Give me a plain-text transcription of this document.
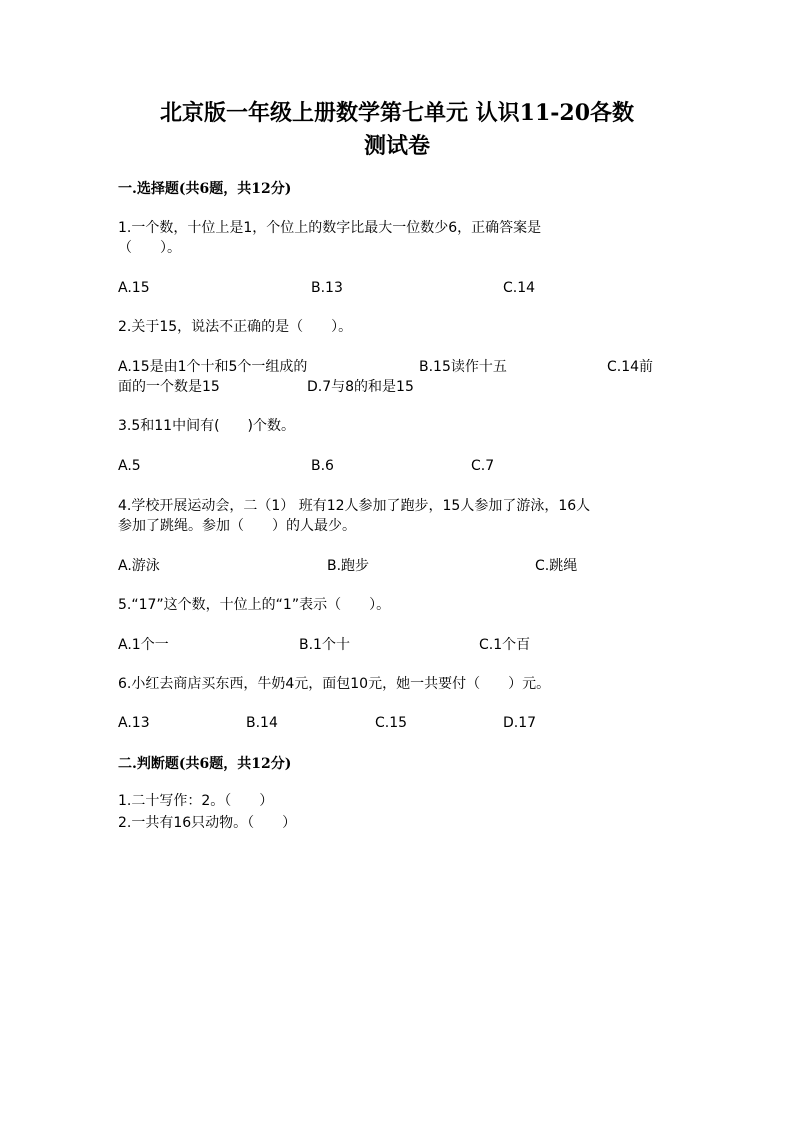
北京版一年级上册数学第七单元 认识11-20各数
测试卷
一.选择题(共6题，共12分)
1.一个数，十位上是1，个位上的数字比最大一位数少6，正确答案是
（　　）。
A.15	B.13	C.14
2.关于15，说法不正确的是（　　）。
A.15是由1个十和5个一组成的	B.15读作十五	C.14前
面的一个数是15	D.7与8的和是15
3.5和11中间有(　　)个数。
A.5	B.6	C.7
4.学校开展运动会，二（1） 班有12人参加了跑步，15人参加了游泳，16人
参加了跳绳。参加（　　）的人最少。
A.游泳	B.跑步	C.跳绳
5.“17”这个数，十位上的“1”表示（　　）。
A.1个一	B.1个十	C.1个百
6.小红去商店买东西，牛奶4元，面包10元，她一共要付（　　）元。
A.13	B.14	C.15	D.17
二.判断题(共6题，共12分)
1.二十写作：2。（　　）
2.一共有16只动物。（　　）
